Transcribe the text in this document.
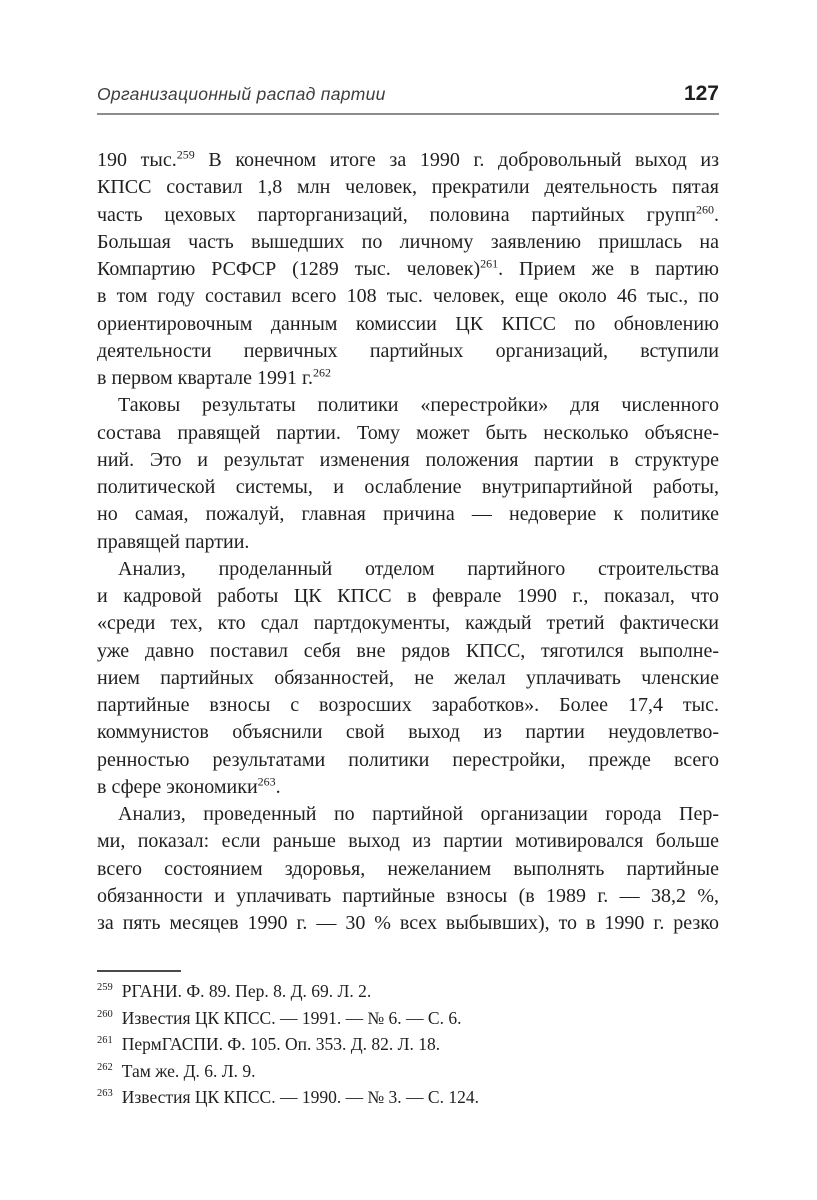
Организационный распад партии	127
190 тыс.$^{259}$ В конечном итоге за 1990 г. добровольный выход из
КПСС составил 1,8 млн человек, прекратили деятельность пятая
часть цеховых парторганизаций, половина партийных групп$^{260}$.
Большая часть вышедших по личному заявлению пришлась на
Компартию РСФСР (1289 тыс. человек)$^{261}$. Прием же в партию
в том году составил всего 108 тыс. человек, еще около 46 тыс., по
ориентировочным данным комиссии ЦК КПСС по обновлению
деятельности первичных партийных организаций, вступили
в первом квартале 1991 г.$^{262}$
Таковы результаты политики «перестройки» для численного
состава правящей партии. Тому может быть несколько объясне-
ний. Это и результат изменения положения партии в структуре
политической системы, и ослабление внутрипартийной работы,
но самая, пожалуй, главная причина — недоверие к политике
правящей партии.
Анализ, проделанный отделом партийного строительства
и кадровой работы ЦК КПСС в феврале 1990 г., показал, что
«среди тех, кто сдал партдокументы, каждый третий фактически
уже давно поставил себя вне рядов КПСС, тяготился выполне-
нием партийных обязанностей, не желал уплачивать членские
партийные взносы с возросших заработков». Более 17,4 тыс.
коммунистов объяснили свой выход из партии неудовлетво-
ренностью результатами политики перестройки, прежде всего
в сфере экономики$^{263}$.
Анализ, проведенный по партийной организации города Пер-
ми, показал: если раньше выход из партии мотивировался больше
всего состоянием здоровья, нежеланием выполнять партийные
обязанности и уплачивать партийные взносы (в 1989 г. — 38,2 %,
за пять месяцев 1990 г. — 30 % всех выбывших), то в 1990 г. резко
$^{259}$ РГАНИ. Ф. 89. Пер. 8. Д. 69. Л. 2.
$^{260}$ Известия ЦК КПСС. — 1991. — № 6. — С. 6.
$^{261}$ ПермГАСПИ. Ф. 105. Оп. 353. Д. 82. Л. 18.
$^{262}$ Там же. Д. 6. Л. 9.
$^{263}$ Известия ЦК КПСС. — 1990. — № 3. — С. 124.
